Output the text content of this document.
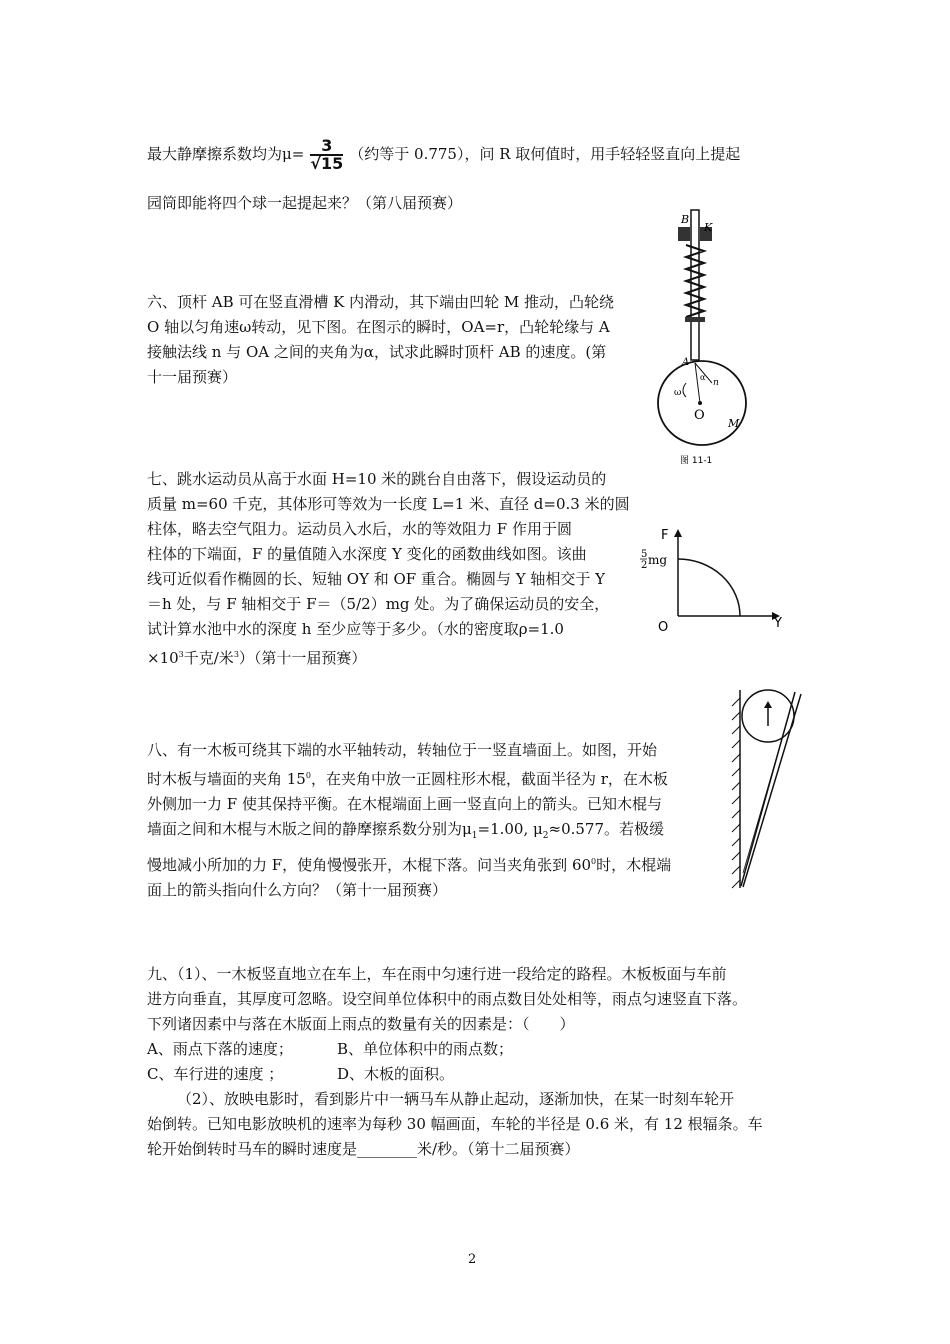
最大静摩擦系数均为$\mu= \frac{3}{√15}$ （约等于 0.775），问 R 取何值时，用手轻轻竖直向上提起
园筒即能将四个球一起提起来？（第八届预赛）

六、顶杆 AB 可在竖直滑槽 K 内滑动，其下端由凹轮 M 推动，凸轮绕

O 轴以匀角速ω转动，见下图。在图示的瞬时，OA=r，凸轮轮缘与 A

接触法线 n 与 OA 之间的夹角为α，试求此瞬时顶杆 AB 的速度。(第

十一届预赛）

B
K
A
n
α
ω
O
M
图 11-1

七、跳水运动员从高于水面 H=10 米的跳台自由落下，假设运动员的

质量 m=60 千克，其体形可等效为一长度 L=1 米、直径 d=0.3 米的圆

柱体，略去空气阻力。运动员入水后，水的等效阻力 F 作用于圆

柱体的下端面，F 的量值随入水深度 Y 变化的函数曲线如图。该曲

线可近似看作椭圆的长、短轴 OY 和 OF 重合。椭圆与 Y 轴相交于 Y

＝h 处，与 F 轴相交于 F＝（5/2）mg 处。为了确保运动员的安全，

试计算水池中水的深度 h 至少应等于多少。（水的密度取ρ=1.0

$\times 10^3$千克/米$^3$）（第十一届预赛）

F
Y
O
5
2 mg

八、有一木板可绕其下端的水平轴转动，转轴位于一竖直墙面上。如图，开始

时木板与墙面的夹角 $15^0$，在夹角中放一正圆柱形木棍，截面半径为 r，在木板

外侧加一力 F 使其保持平衡。在木棍端面上画一竖直向上的箭头。已知木棍与

墙面之间和木棍与木版之间的静摩擦系数分别为$\mu_1=1.00$, $\mu_2\approx 0.577$。若极缓

慢地减小所加的力 F，使角慢慢张开，木棍下落。问当夹角张到 $60^0$时，木棍端

面上的箭头指向什么方向？（第十一届预赛）

九、（1）、一木板竖直地立在车上，车在雨中匀速行进一段给定的路程。木板板面与车前

进方向垂直，其厚度可忽略。设空间单位体积中的雨点数目处处相等，雨点匀速竖直下落。

下列诸因素中与落在木版面上雨点的数量有关的因素是：（　　）

A、雨点下落的速度；	B、单位体积中的雨点数；

C、车行进的速度 ；	D、木板的面积。

（2）、放映电影时，看到影片中一辆马车从静止起动，逐渐加快，在某一时刻车轮开

始倒转。已知电影放映机的速率为每秒 30 幅画面，车轮的半径是 0.6 米，有 12 根辐条。车

轮开始倒转时马车的瞬时速度是________米/秒。（第十二届预赛）

2
